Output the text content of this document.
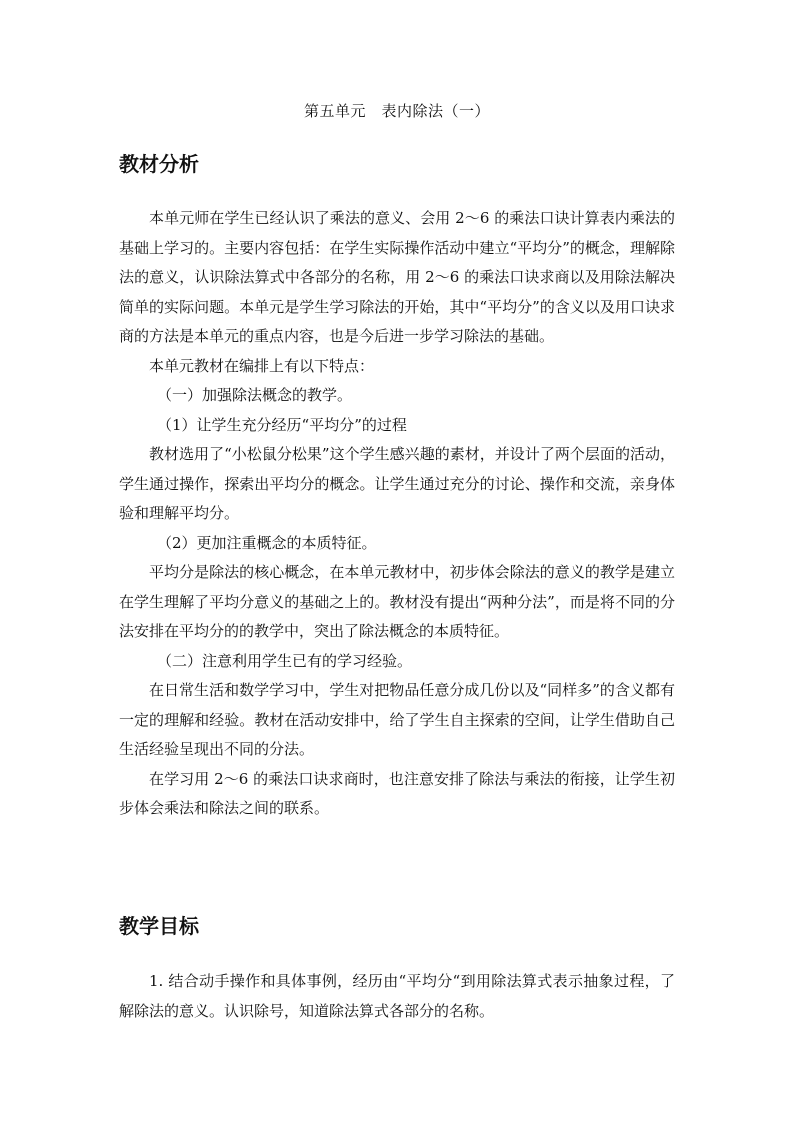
第五单元　表内除法（一）
教材分析

本单元师在学生已经认识了乘法的意义、会用 2～6 的乘法口诀计算表内乘法的基础上学习的。主要内容包括：在学生实际操作活动中建立“平均分”的概念，理解除法的意义，认识除法算式中各部分的名称，用 2～6 的乘法口诀求商以及用除法解决简单的实际问题。本单元是学生学习除法的开始，其中“平均分”的含义以及用口诀求商的方法是本单元的重点内容，也是今后进一步学习除法的基础。

本单元教材在编排上有以下特点：

（一）加强除法概念的教学。

（1）让学生充分经历“平均分”的过程

教材选用了“小松鼠分松果”这个学生感兴趣的素材，并设计了两个层面的活动，学生通过操作，探索出平均分的概念。让学生通过充分的讨论、操作和交流，亲身体验和理解平均分。

（2）更加注重概念的本质特征。

平均分是除法的核心概念，在本单元教材中，初步体会除法的意义的教学是建立在学生理解了平均分意义的基础之上的。教材没有提出“两种分法”，而是将不同的分法安排在平均分的的教学中，突出了除法概念的本质特征。

（二）注意利用学生已有的学习经验。

在日常生活和数学学习中，学生对把物品任意分成几份以及“同样多”的含义都有一定的理解和经验。教材在活动安排中，给了学生自主探索的空间，让学生借助自己生活经验呈现出不同的分法。

在学习用 2～6 的乘法口诀求商时，也注意安排了除法与乘法的衔接，让学生初步体会乘法和除法之间的联系。

教学目标

1. 结合动手操作和具体事例，经历由“平均分“到用除法算式表示抽象过程，了解除法的意义。认识除号，知道除法算式各部分的名称。
